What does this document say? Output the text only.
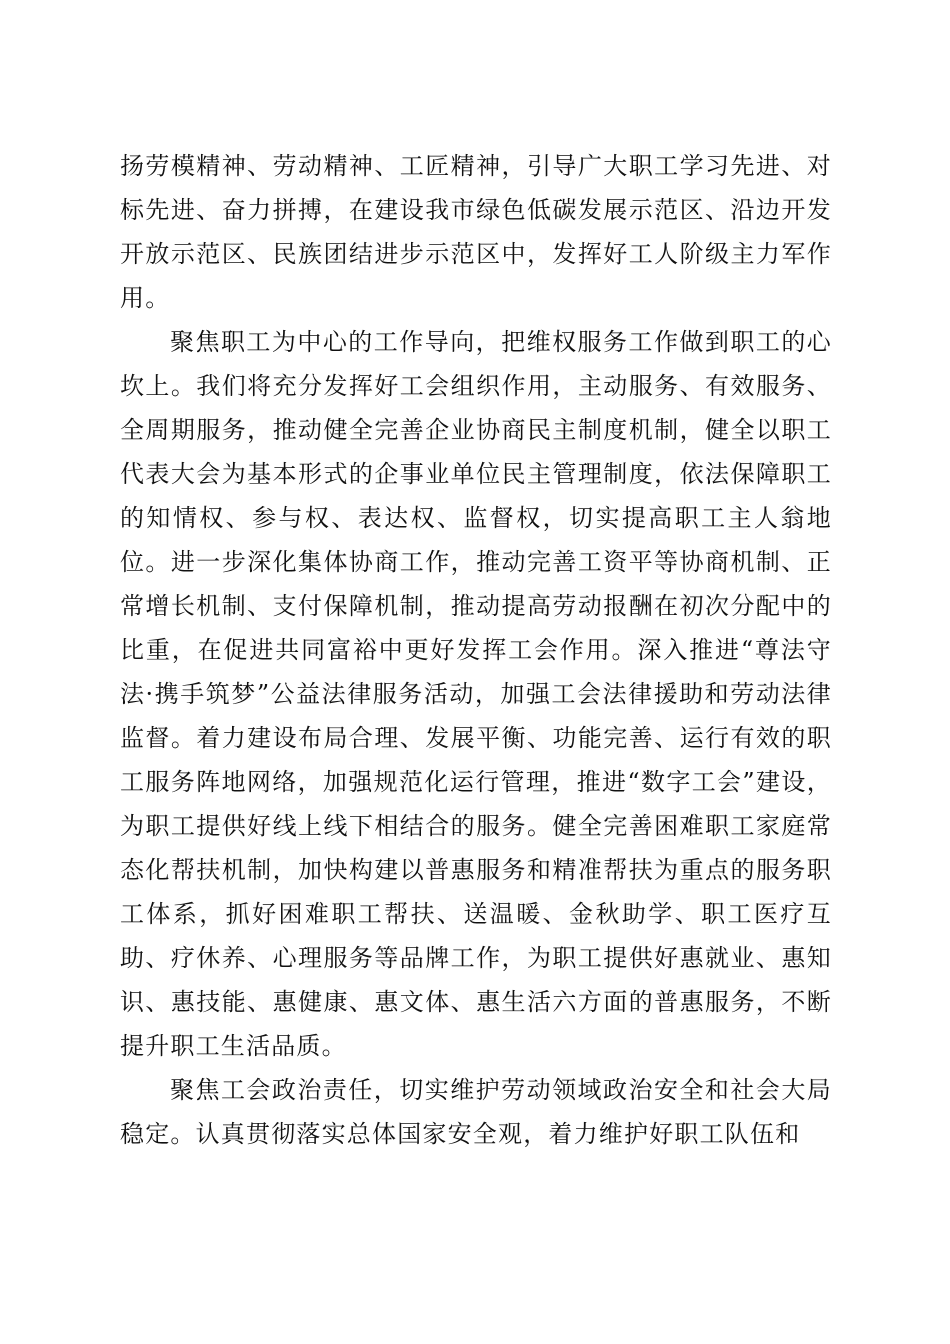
扬劳模精神、劳动精神、工匠精神，引导广大职工学习先进、对标先进、奋力拼搏，在建设我市绿色低碳发展示范区、沿边开发开放示范区、民族团结进步示范区中，发挥好工人阶级主力军作用。

聚焦职工为中心的工作导向，把维权服务工作做到职工的心坎上。我们将充分发挥好工会组织作用，主动服务、有效服务、全周期服务，推动健全完善企业协商民主制度机制，健全以职工代表大会为基本形式的企事业单位民主管理制度，依法保障职工的知情权、参与权、表达权、监督权，切实提高职工主人翁地位。进一步深化集体协商工作，推动完善工资平等协商机制、正常增长机制、支付保障机制，推动提高劳动报酬在初次分配中的比重，在促进共同富裕中更好发挥工会作用。深入推进“尊法守法·携手筑梦”公益法律服务活动，加强工会法律援助和劳动法律监督。着力建设布局合理、发展平衡、功能完善、运行有效的职工服务阵地网络，加强规范化运行管理，推进“数字工会”建设，为职工提供好线上线下相结合的服务。健全完善困难职工家庭常态化帮扶机制，加快构建以普惠服务和精准帮扶为重点的服务职工体系，抓好困难职工帮扶、送温暖、金秋助学、职工医疗互助、疗休养、心理服务等品牌工作，为职工提供好惠就业、惠知识、惠技能、惠健康、惠文体、惠生活六方面的普惠服务，不断提升职工生活品质。

聚焦工会政治责任，切实维护劳动领域政治安全和社会大局稳定。认真贯彻落实总体国家安全观，着力维护好职工队伍和
